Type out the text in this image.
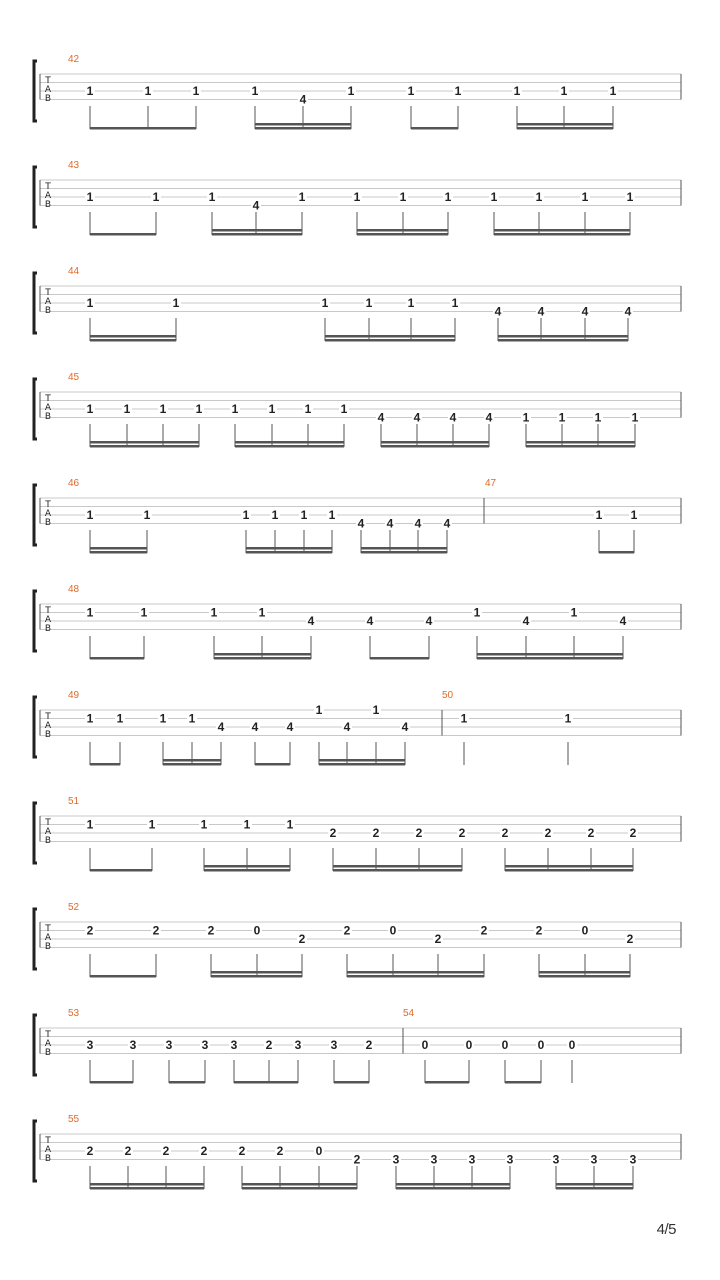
T
A
B
42
1	1	1	1
4
1	1	1	1	1	1
T
A
B
43
1	1	1
4
1	1	1	1	1	1	1	1
T
A
B
44
1	1	1	1	1	1
4	4	4	4
T
A
B
45
1	1 1 1 1	1 1 1
4 4 4 4	1 1 1	1
T
A
B
46
1	1	1 1 1 1
4 4 4 4
47
1 1
T
A
B
48
1	1	1	1
4	4	4
1
4
1
4
T
A
B
49
1 1	1 1
4 4 4
1
4
1
4
50
1	1
T
A
B
51
1	1	1	1	1
2	2	2	2	2	2	2	2
T
A
B
52
2	2	2	0
2
2	0
2
2	2	0
2
T
A
B
53
3	3 3 3 3 2 3 3 2
54
0	0 0 0 0
T
A
B
55
2	2	2	2	2	2	0
2	3	3	3	3	3	3	3
4/5
